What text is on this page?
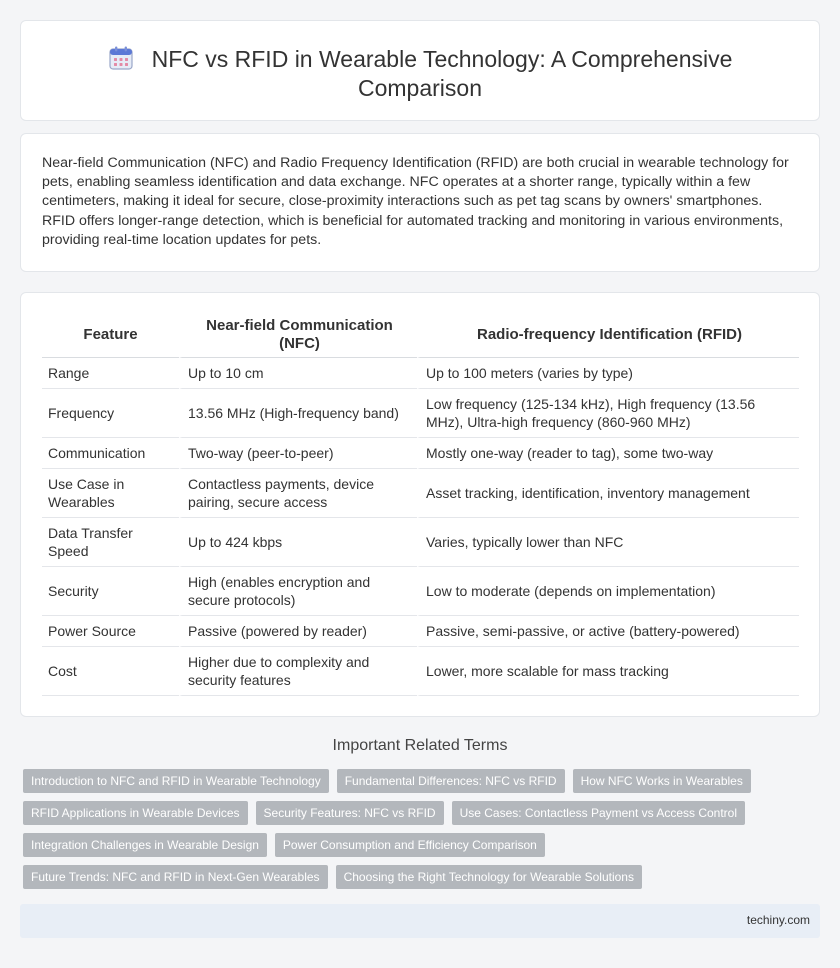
NFC vs RFID in Wearable Technology: A Comprehensive Comparison

Near-field Communication (NFC) and Radio Frequency Identification (RFID) are both crucial in wearable technology for pets, enabling seamless identification and data exchange. NFC operates at a shorter range, typically within a few centimeters, making it ideal for secure, close-proximity interactions such as pet tag scans by owners' smartphones. RFID offers longer-range detection, which is beneficial for automated tracking and monitoring in various environments, providing real-time location updates for pets.

Feature	Near-field Communication (NFC)	Radio-frequency Identification (RFID)
Range	Up to 10 cm	Up to 100 meters (varies by type)
Frequency	13.56 MHz (High-frequency band)	Low frequency (125-134 kHz), High frequency (13.56 MHz), Ultra-high frequency (860-960 MHz)
Communication	Two-way (peer-to-peer)	Mostly one-way (reader to tag), some two-way
Use Case in Wearables	Contactless payments, device pairing, secure access	Asset tracking, identification, inventory management
Data Transfer Speed	Up to 424 kbps	Varies, typically lower than NFC
Security	High (enables encryption and secure protocols)	Low to moderate (depends on implementation)
Power Source	Passive (powered by reader)	Passive, semi-passive, or active (battery-powered)
Cost	Higher due to complexity and security features	Lower, more scalable for mass tracking
Important Related Terms
Introduction to NFC and RFID in Wearable Technology	Fundamental Differences: NFC vs RFID	How NFC Works in Wearables
RFID Applications in Wearable Devices	Security Features: NFC vs RFID	Use Cases: Contactless Payment vs Access Control
Integration Challenges in Wearable Design	Power Consumption and Efficiency Comparison
Future Trends: NFC and RFID in Next-Gen Wearables	Choosing the Right Technology for Wearable Solutions
techiny.com
